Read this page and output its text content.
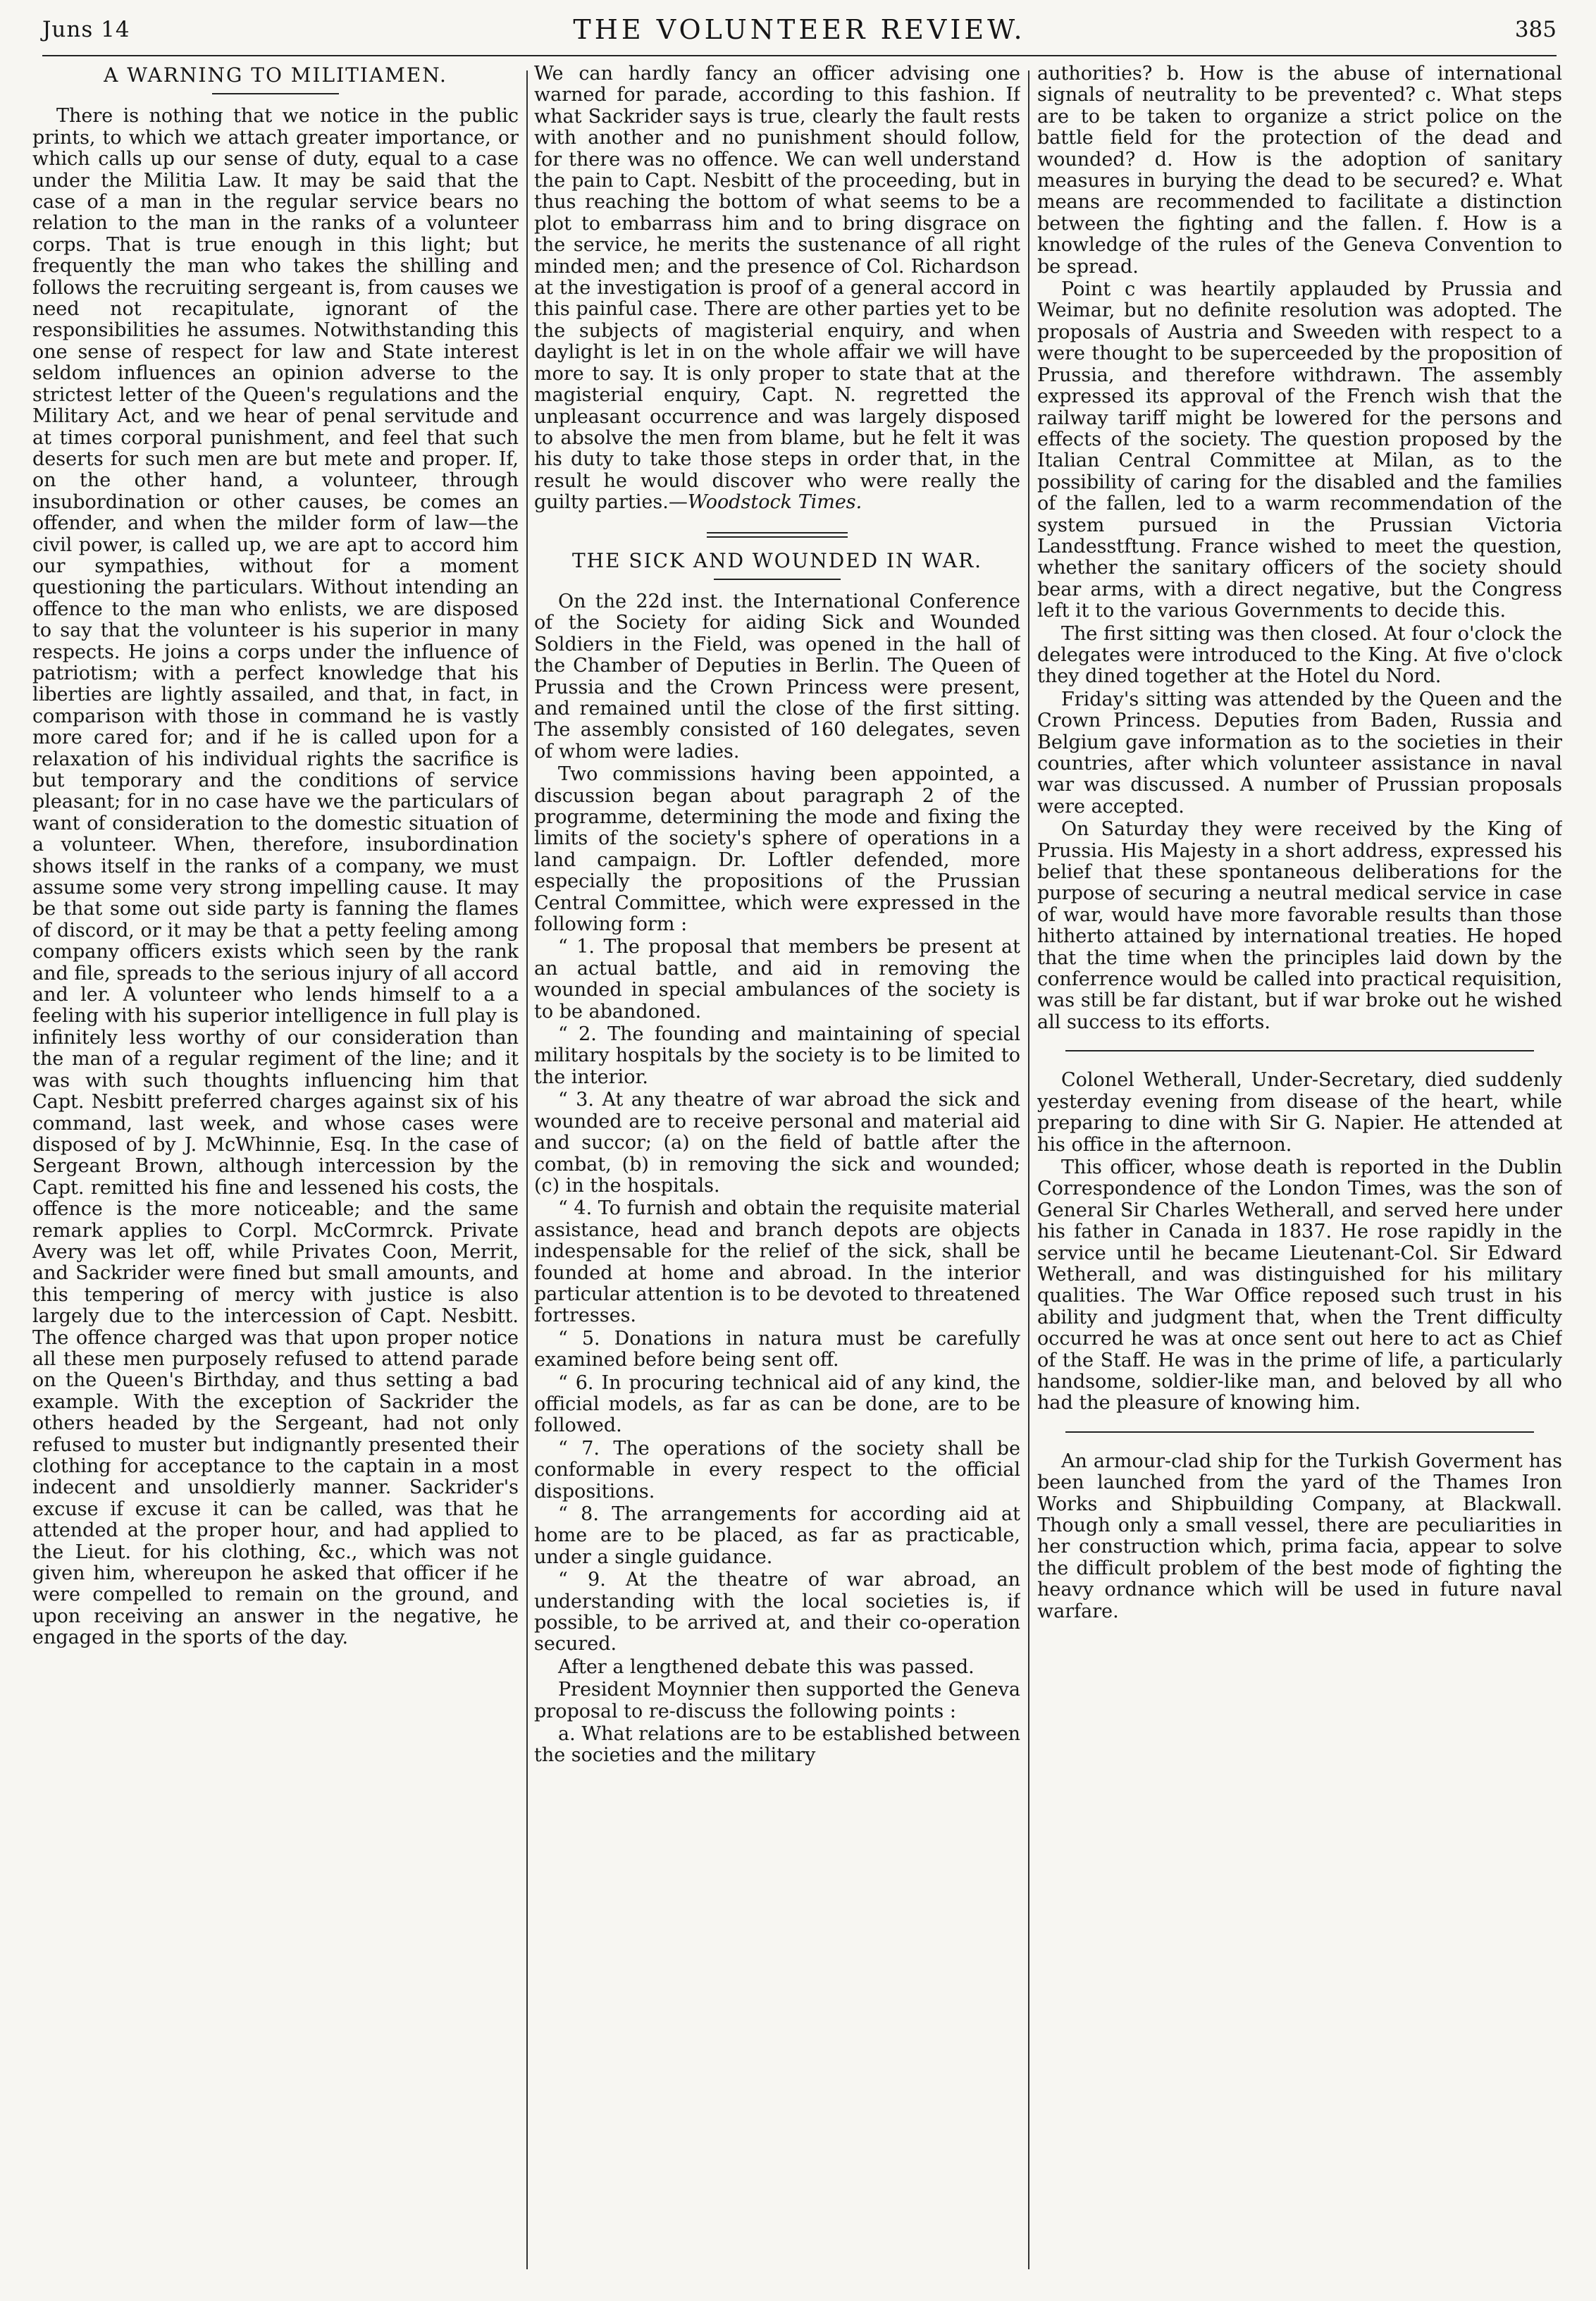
Juns 14	THE VOLUNTEER REVIEW.	385
A WARNING TO MILITIAMEN.

There is nothing that we notice in the public prints, to which we attach greater importance, or which calls up our sense of duty, equal to a case under the Militia Law. It may be said that the case of a man in the regular service bears no relation to the man in the ranks of a volunteer corps. That is true enough in this light; but frequently the man who takes the shilling and follows the recruiting sergeant is, from causes we need not recapitulate, ignorant of the responsibilities he assumes. Notwithstanding this one sense of respect for law and State interest seldom influences an opinion adverse to the strictest letter of the Queen's regulations and the Military Act, and we hear of penal servitude and at times corporal punishment, and feel that such deserts for such men are but mete and proper. If, on the other hand, a volunteer, through insubordination or other causes, be comes an offender, and when the milder form of law—the civil power, is called up, we are apt to accord him our sympathies, without for a moment questioning the particulars. Without intending an offence to the man who enlists, we are disposed to say that the volunteer is his superior in many respects. He joins a corps under the influence of patriotism; with a perfect knowledge that his liberties are lightly assailed, and that, in fact, in comparison with those in command he is vastly more cared for; and if he is called upon for a relaxation of his individual rights the sacrifice is but temporary and the conditions of service pleasant; for in no case have we the particulars of want of consideration to the domestic situation of a volunteer. When, therefore, insubordination shows itself in the ranks of a company, we must assume some very strong impelling cause. It may be that some out side party is fanning the flames of discord, or it may be that a petty feeling among company officers exists which seen by the rank and file, spreads to the serious injury of all accord and ler. A volunteer who lends himself to a a feeling with his superior intelligence in full play is infinitely less worthy of our consideration than the man of a regular regiment of the line; and it was with such thoughts influencing him that Capt. Nesbitt preferred charges against six of his command, last week, and whose cases were disposed of by J. McWhinnie, Esq. In the case of Sergeant Brown, although intercession by the Capt. remitted his fine and lessened his costs, the offence is the more noticeable; and the same remark applies to Corpl. McCormrck. Private Avery was let off, while Privates Coon, Merrit, and Sackrider were fined but small amounts, and this tempering of mercy with justice is also largely due to the intercession of Capt. Nesbitt. The offence charged was that upon proper notice all these men purposely refused to attend parade on the Queen's Birthday, and thus setting a bad example. With the exception of Sackrider the others headed by the Sergeant, had not only refused to muster but indignantly presented their clothing for acceptance to the captain in a most indecent and unsoldierly manner. Sackrider's excuse if excuse it can be called, was that he attended at the proper hour, and had applied to the Lieut. for his clothing, &c., which was not given him, whereupon he asked that officer if he were compelled to remain on the ground, and upon receiving an answer in the negative, he engaged in the sports of the day.

We can hardly fancy an officer advising one warned for parade, according to this fashion. If what Sackrider says is true, clearly the fault rests with another and no punishment should follow, for there was no offence. We can well understand the pain to Capt. Nesbitt of the proceeding, but in thus reaching the bottom of what seems to be a plot to embarrass him and to bring disgrace on the service, he merits the sustenance of all right minded men; and the presence of Col. Richardson at the investigation is proof of a general accord in this painful case. There are other parties yet to be the subjects of magisterial enquiry, and when daylight is let in on the whole affair we will have more to say. It is only proper to state that at the magisterial enquiry, Capt. N. regretted the unpleasant occurrence and was largely disposed to absolve the men from blame, but he felt it was his duty to take those steps in order that, in the result he would discover who were really the guilty parties.—Woodstock Times.

THE SICK AND WOUNDED IN WAR.

On the 22d inst. the International Conference of the Society for aiding Sick and Wounded Soldiers in the Field, was opened in the hall of the Chamber of Deputies in Berlin. The Queen of Prussia and the Crown Princess were present, and remained until the close of the first sitting. The assembly consisted of 160 delegates, seven of whom were ladies.

Two commissions having been appointed, a discussion began about paragraph 2 of the programme, determining the mode and fixing the limits of the society's sphere of operations in a land campaign. Dr. Loftler defended, more especially the propositions of the Prussian Central Committee, which were expressed in the following form :

“ 1. The proposal that members be present at an actual battle, and aid in removing the wounded in special ambulances of the society is to be abandoned.

“ 2. The founding and maintaining of special military hospitals by the society is to be limited to the interior.

“ 3. At any theatre of war abroad the sick and wounded are to receive personal and material aid and succor; (a) on the field of battle after the combat, (b) in removing the sick and wounded; (c) in the hospitals.

“ 4. To furnish and obtain the requisite material assistance, head and branch depots are objects indespensable for the relief of the sick, shall be founded at home and abroad. In the interior particular attention is to be devoted to threatened fortresses.

“ 5. Donations in natura must be carefully examined before being sent off.

“ 6. In procuring technical aid of any kind, the official models, as far as can be done, are to be followed.

“ 7. The operations of the society shall be conformable in every respect to the official dispositions.

“ 8. The arrangements for according aid at home are to be placed, as far as practicable, under a single guidance.

“ 9. At the theatre of war abroad, an understanding with the local societies is, if possible, to be arrived at, and their co-operation secured.

After a lengthened debate this was passed.

President Moynnier then supported the Geneva proposal to re-discuss the following points :

a. What relations are to be established between the societies and the military

authorities? b. How is the abuse of international signals of neutrality to be prevented? c. What steps are to be taken to organize a strict police on the battle field for the protection of the dead and wounded? d. How is the adoption of sanitary measures in burying the dead to be secured? e. What means are recommended to facilitate a distinction between the fighting and the fallen. f. How is a knowledge of the rules of the Geneva Convention to be spread.

Point c was heartily applauded by Prussia and Weimar, but no definite resolution was adopted. The proposals of Austria and Sweeden with respect to a were thought to be superceeded by the proposition of Prussia, and therefore withdrawn. The assembly expressed its approval of the French wish that the railway tariff might be lowered for the persons and effects of the society. The question proposed by the Italian Central Committee at Milan, as to the possibility of caring for the disabled and the families of the fallen, led to a warm recommendation of the system pursued in the Prussian Victoria Landesstftung. France wished to meet the question, whether the sanitary officers of the society should bear arms, with a direct negative, but the Congress left it to the various Governments to decide this.

The first sitting was then closed. At four o'clock the delegates were introduced to the King. At five o'clock they dined together at the Hotel du Nord.

Friday's sitting was attended by the Queen and the Crown Princess. Deputies from Baden, Russia and Belgium gave information as to the societies in their countries, after which volunteer assistance in naval war was discussed. A number of Prussian proposals were accepted.

On Saturday they were received by the King of Prussia. His Majesty in a short address, expressed his belief that these spontaneous deliberations for the purpose of securing a neutral medical service in case of war, would have more favorable results than those hitherto attained by international treaties. He hoped that the time when the principles laid down by the conferrence would be called into practical requisition, was still be far distant, but if war broke out he wished all success to its efforts.

Colonel Wetherall, Under-Secretary, died suddenly yesterday evening from disease of the heart, while preparing to dine with Sir G. Napier. He attended at his office in the afternoon.

This officer, whose death is reported in the Dublin Correspondence of the London Times, was the son of General Sir Charles Wetherall, and served here under his father in Canada in 1837. He rose rapidly in the service until he became Lieutenant-Col. Sir Edward Wetherall, and was distinguished for his military qualities. The War Office reposed such trust in his ability and judgment that, when the Trent difficulty occurred he was at once sent out here to act as Chief of the Staff. He was in the prime of life, a particularly handsome, soldier-like man, and beloved by all who had the pleasure of knowing him.

An armour-clad ship for the Turkish Goverment has been launched from the yard of the Thames Iron Works and Shipbuilding Company, at Blackwall. Though only a small vessel, there are peculiarities in her construction which, prima facia, appear to solve the difficult problem of the best mode of fighting the heavy ordnance which will be used in future naval warfare.
